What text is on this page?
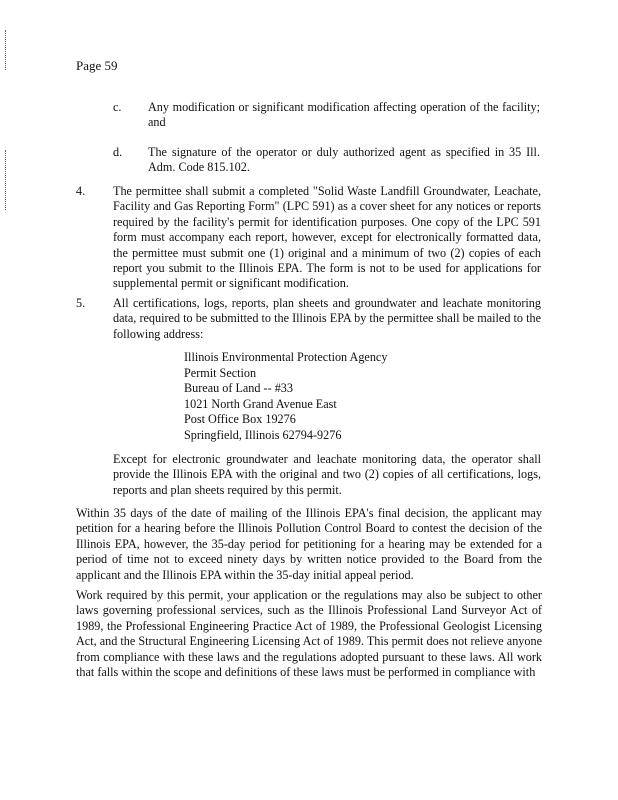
Page 59
c. Any modification or significant modification affecting operation of the facility; and
d. The signature of the operator or duly authorized agent as specified in 35 Ill. Adm. Code 815.102.
4. The permittee shall submit a completed "Solid Waste Landfill Groundwater, Leachate, Facility and Gas Reporting Form" (LPC 591) as a cover sheet for any notices or reports required by the facility's permit for identification purposes. One copy of the LPC 591 form must accompany each report, however, except for electronically formatted data, the permittee must submit one (1) original and a minimum of two (2) copies of each report you submit to the Illinois EPA. The form is not to be used for applications for supplemental permit or significant modification.
5. All certifications, logs, reports, plan sheets and groundwater and leachate monitoring data, required to be submitted to the Illinois EPA by the permittee shall be mailed to the following address:
Illinois Environmental Protection Agency
Permit Section
Bureau of Land -- #33
1021 North Grand Avenue East
Post Office Box 19276
Springfield, Illinois 62794-9276
Except for electronic groundwater and leachate monitoring data, the operator shall provide the Illinois EPA with the original and two (2) copies of all certifications, logs, reports and plan sheets required by this permit.
Within 35 days of the date of mailing of the Illinois EPA's final decision, the applicant may petition for a hearing before the Illinois Pollution Control Board to contest the decision of the Illinois EPA, however, the 35-day period for petitioning for a hearing may be extended for a period of time not to exceed ninety days by written notice provided to the Board from the applicant and the Illinois EPA within the 35-day initial appeal period.
Work required by this permit, your application or the regulations may also be subject to other laws governing professional services, such as the Illinois Professional Land Surveyor Act of 1989, the Professional Engineering Practice Act of 1989, the Professional Geologist Licensing Act, and the Structural Engineering Licensing Act of 1989. This permit does not relieve anyone from compliance with these laws and the regulations adopted pursuant to these laws. All work that falls within the scope and definitions of these laws must be performed in compliance with
